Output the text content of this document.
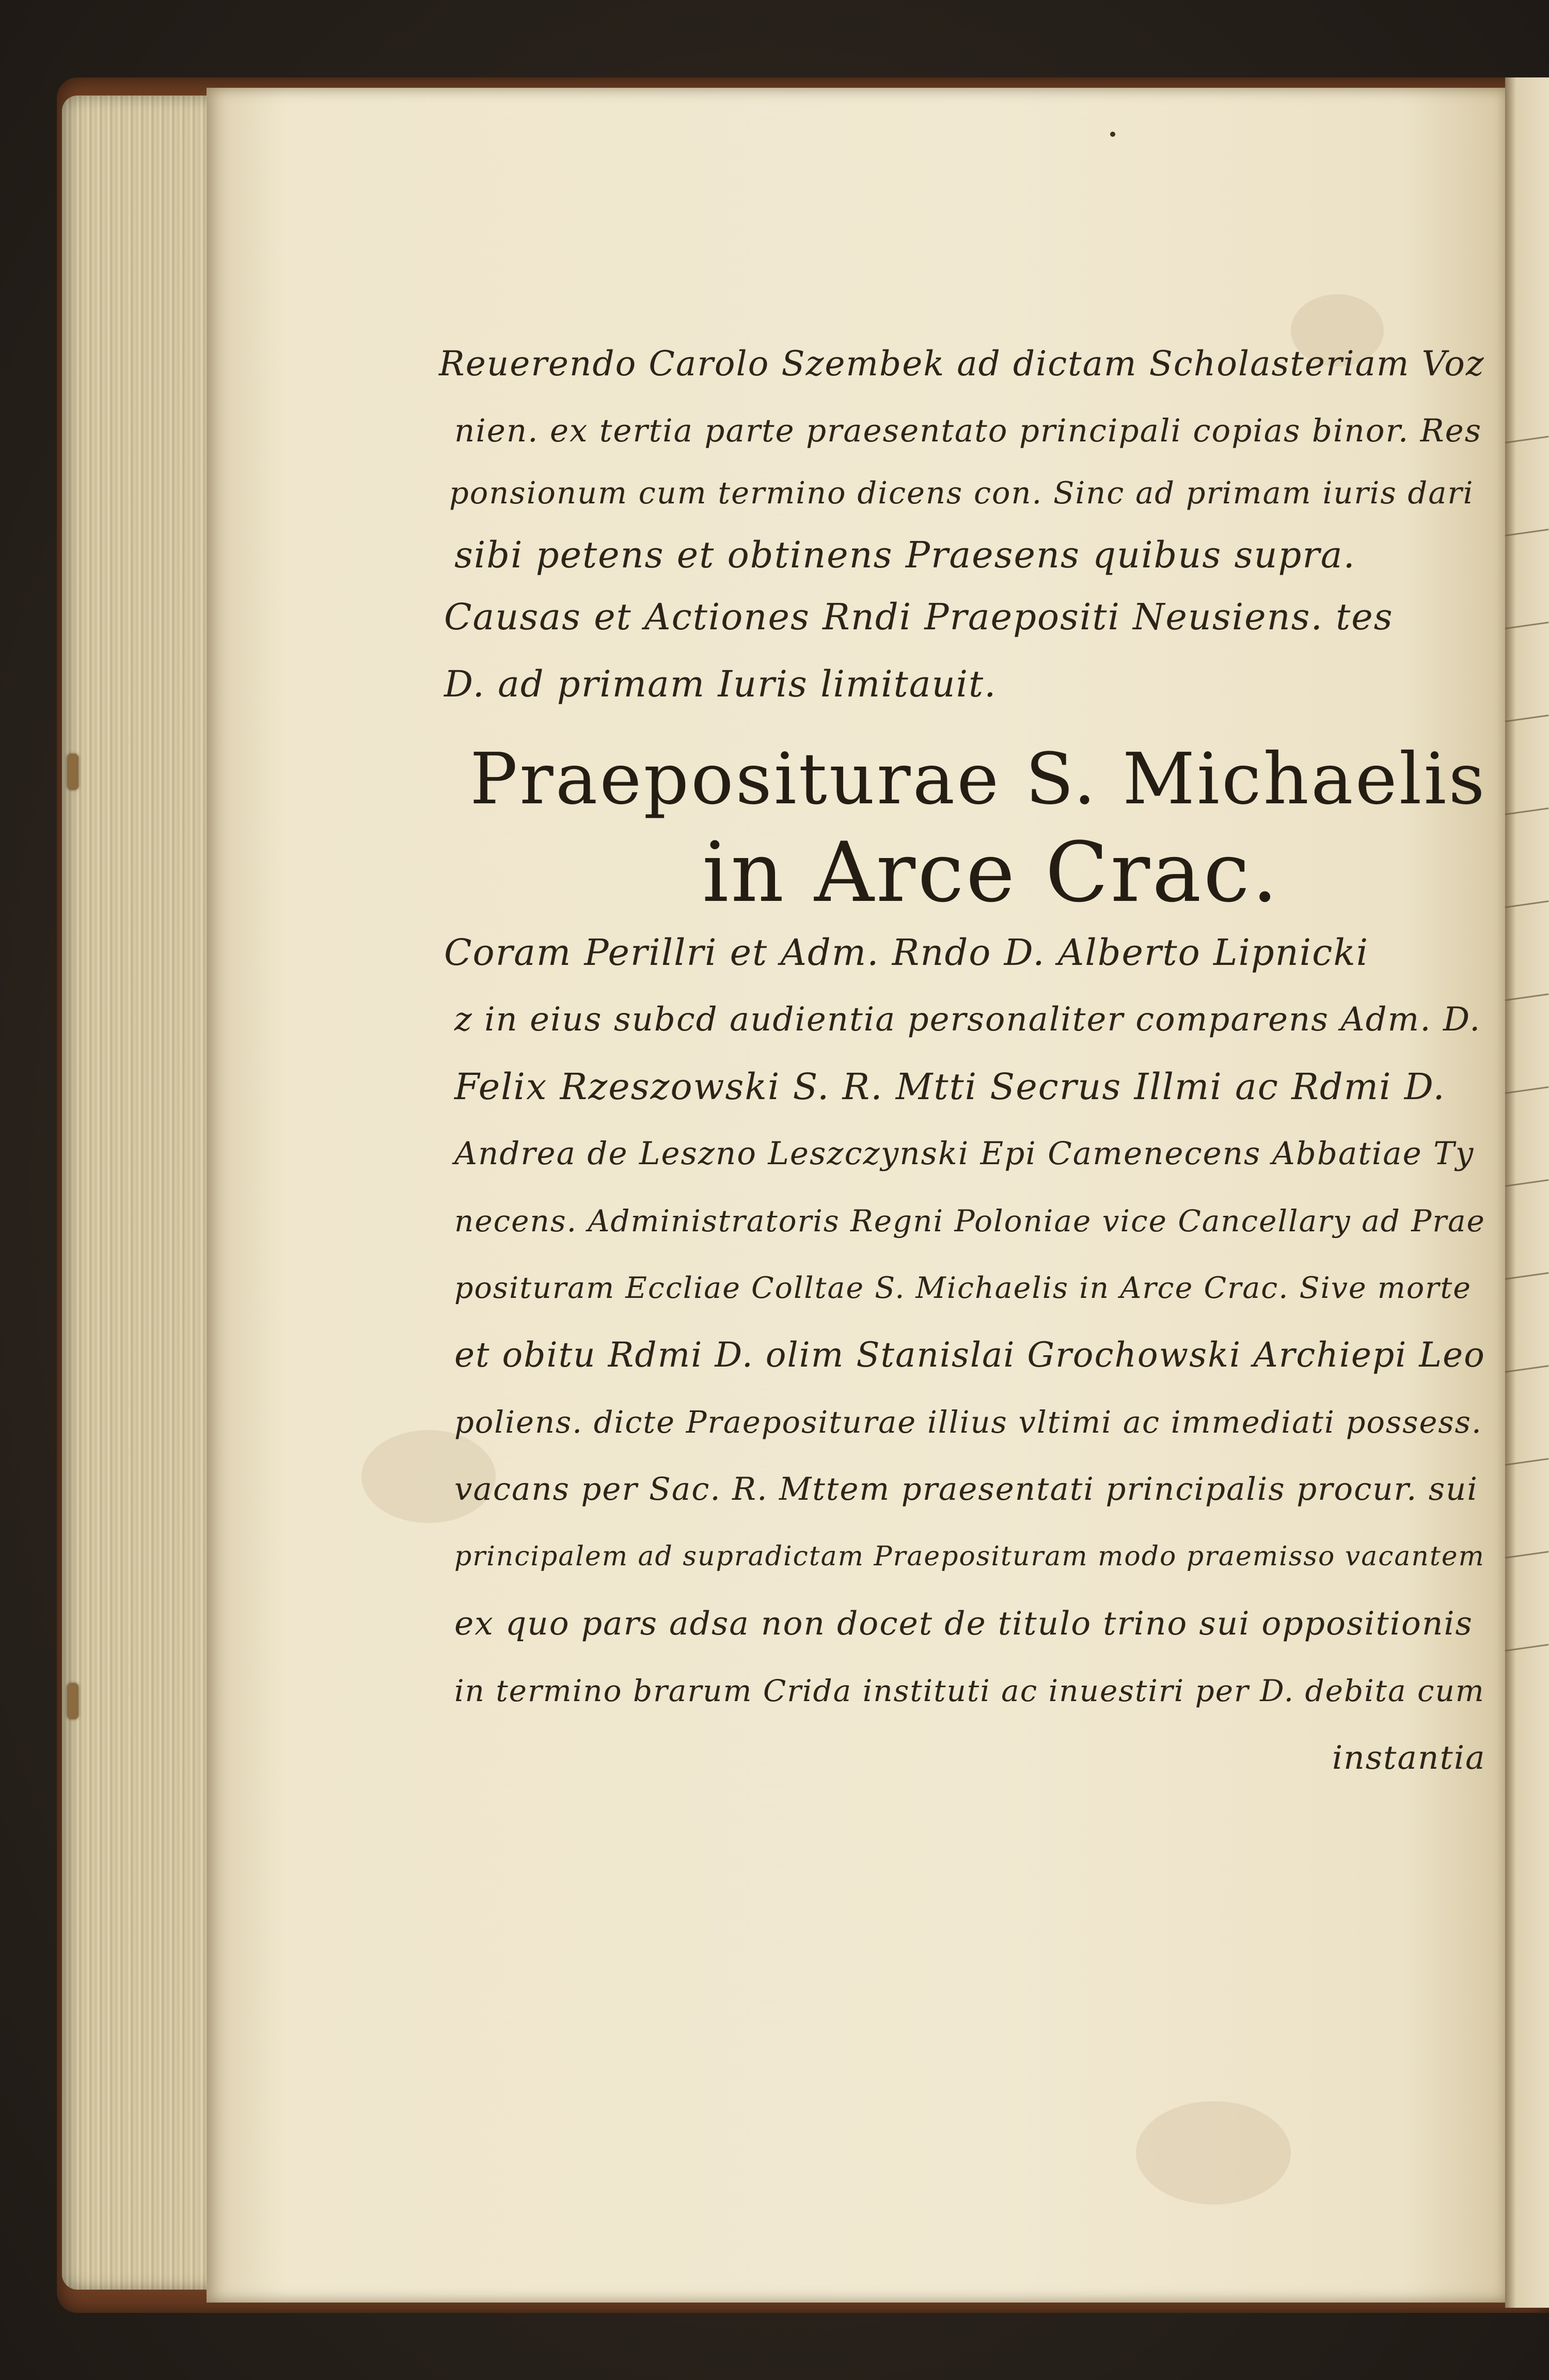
Reuerendo Carolo Szembek ad dictam Scholasteriam Voz
nien. ex tertia parte praesentato principali copias binor. Res
ponsionum cum termino dicens con. Sinc ad primam iuris dari
sibi petens et obtinens Praesens quibus supra.
Causas et Actiones Rndi Praepositi Neusiens. tes
D. ad primam Iuris limitauit.
Praepositurae S. Michaelis
in Arce Crac.
Coram Perillri et Adm. Rndo D. Alberto Lipnicki
z in eius subcd audientia personaliter comparens Adm. D.
Felix Rzeszowski S. R. Mtti Secrus Illmi ac Rdmi D.
Andrea de Leszno Leszczynski Epi Camenecens Abbatiae Ty
necens. Administratoris Regni Poloniae vice Cancellary ad Prae
posituram Eccliae Colltae S. Michaelis in Arce Crac. Sive morte
et obitu Rdmi D. olim Stanislai Grochowski Archiepi Leo
poliens. dicte Praepositurae illius vltimi ac immediati possess.
vacans per Sac. R. Mttem praesentati principalis procur. sui
principalem ad supradictam Praeposituram modo praemisso vacantem
ex quo pars adsa non docet de titulo trino sui oppositionis
in termino brarum Crida instituti ac inuestiri per D. debita cum
instantia
